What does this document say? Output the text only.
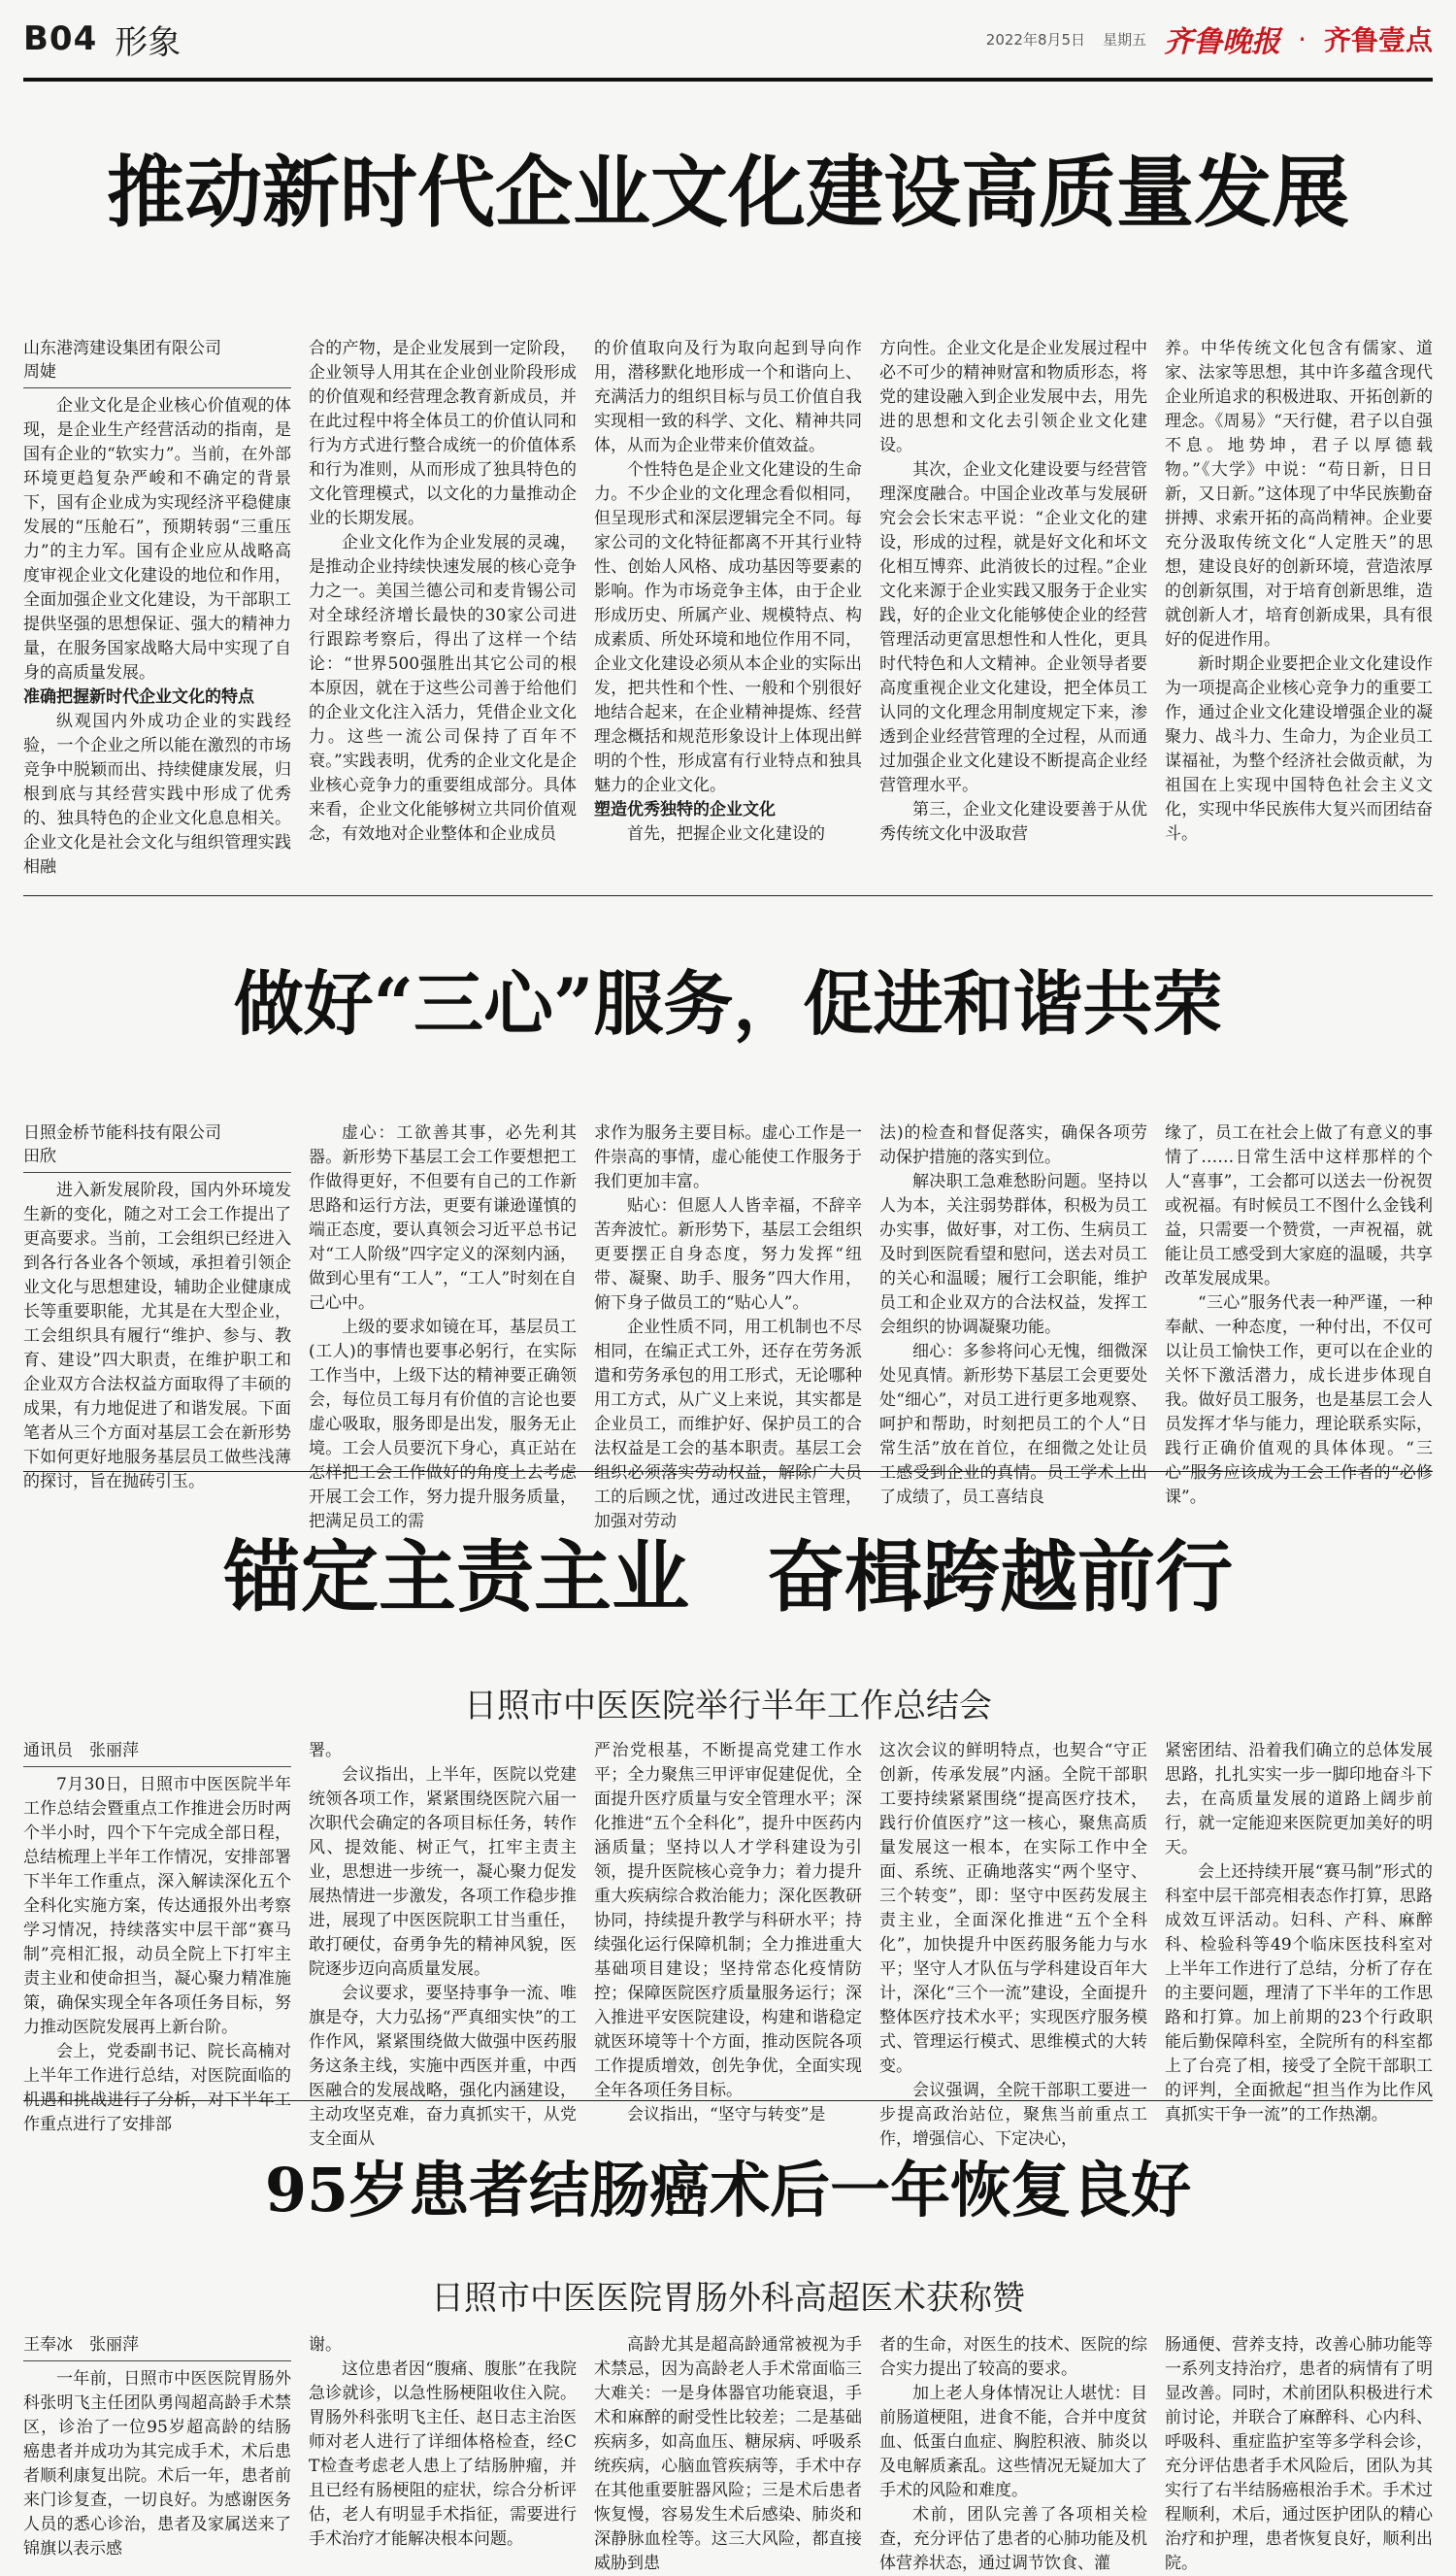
B04 形象	2022年8月5日 星期五 齐鲁晚报 · 齐鲁壹点
推动新时代企业文化建设高质量发展
山东港湾建设集团有限公司
周婕

企业文化是企业核心价值观的体现，是企业生产经营活动的指南，是国有企业的“软实力”。当前，在外部环境更趋复杂严峻和不确定的背景下，国有企业成为实现经济平稳健康发展的“压舱石”，预期转弱“三重压力”的主力军。国有企业应从战略高度审视企业文化建设的地位和作用，全面加强企业文化建设，为干部职工提供坚强的思想保证、强大的精神力量，在服务国家战略大局中实现了自身的高质量发展。

准确把握新时代企业文化的特点

纵观国内外成功企业的实践经验，一个企业之所以能在激烈的市场竞争中脱颖而出、持续健康发展，归根到底与其经营实践中形成了优秀的、独具特色的企业文化息息相关。企业文化是社会文化与组织管理实践相融

合的产物，是企业发展到一定阶段，企业领导人用其在企业创业阶段形成的价值观和经营理念教育新成员，并在此过程中将全体员工的价值认同和行为方式进行整合成统一的价值体系和行为准则，从而形成了独具特色的文化管理模式，以文化的力量推动企业的长期发展。

企业文化作为企业发展的灵魂，是推动企业持续快速发展的核心竞争力之一。美国兰德公司和麦肯锡公司对全球经济增长最快的30家公司进行跟踪考察后，得出了这样一个结论：“世界500强胜出其它公司的根本原因，就在于这些公司善于给他们的企业文化注入活力，凭借企业文化力。这些一流公司保持了百年不衰。”实践表明，优秀的企业文化是企业核心竞争力的重要组成部分。具体来看，企业文化能够树立共同价值观念，有效地对企业整体和企业成员

的价值取向及行为取向起到导向作用，潜移默化地形成一个和谐向上、充满活力的组织目标与员工价值自我实现相一致的科学、文化、精神共同体，从而为企业带来价值效益。

个性特色是企业文化建设的生命力。不少企业的文化理念看似相同，但呈现形式和深层逻辑完全不同。每家公司的文化特征都离不开其行业特性、创始人风格、成功基因等要素的影响。作为市场竞争主体，由于企业形成历史、所属产业、规模特点、构成素质、所处环境和地位作用不同，企业文化建设必须从本企业的实际出发，把共性和个性、一般和个别很好地结合起来，在企业精神提炼、经营理念概括和规范形象设计上体现出鲜明的个性，形成富有行业特点和独具魅力的企业文化。

塑造优秀独特的企业文化

首先，把握企业文化建设的

方向性。企业文化是企业发展过程中必不可少的精神财富和物质形态，将党的建设融入到企业发展中去，用先进的思想和文化去引领企业文化建设。

其次，企业文化建设要与经营管理深度融合。中国企业改革与发展研究会会长宋志平说：“企业文化的建设，形成的过程，就是好文化和坏文化相互博弈、此消彼长的过程。”企业文化来源于企业实践又服务于企业实践，好的企业文化能够使企业的经营管理活动更富思想性和人性化，更具时代特色和人文精神。企业领导者要高度重视企业文化建设，把全体员工认同的文化理念用制度规定下来，渗透到企业经营管理的全过程，从而通过加强企业文化建设不断提高企业经营管理水平。

第三，企业文化建设要善于从优秀传统文化中汲取营

养。中华传统文化包含有儒家、道家、法家等思想，其中许多蕴含现代企业所追求的积极进取、开拓创新的理念。《周易》“天行健，君子以自强不息。地势坤，君子以厚德载物。”《大学》中说：“苟日新，日日新，又日新。”这体现了中华民族勤奋拼搏、求索开拓的高尚精神。企业要充分汲取传统文化“人定胜天”的思想，建设良好的创新环境，营造浓厚的创新氛围，对于培育创新思维，造就创新人才，培育创新成果，具有很好的促进作用。

新时期企业要把企业文化建设作为一项提高企业核心竞争力的重要工作，通过企业文化建设增强企业的凝聚力、战斗力、生命力，为企业员工谋福祉，为整个经济社会做贡献，为祖国在上实现中国特色社会主义文化，实现中华民族伟大复兴而团结奋斗。

做好“三心”服务，促进和谐共荣
日照金桥节能科技有限公司
田欣

进入新发展阶段，国内外环境发生新的变化，随之对工会工作提出了更高要求。当前，工会组织已经进入到各行各业各个领域，承担着引领企业文化与思想建设，辅助企业健康成长等重要职能，尤其是在大型企业，工会组织具有履行“维护、参与、教育、建设”四大职责，在维护职工和企业双方合法权益方面取得了丰硕的成果，有力地促进了和谐发展。下面笔者从三个方面对基层工会在新形势下如何更好地服务基层员工做些浅薄的探讨，旨在抛砖引玉。

虚心：工欲善其事，必先利其器。新形势下基层工会工作要想把工作做得更好，不但要有自己的工作新思路和运行方法，更要有谦逊谨慎的端正态度，要认真领会习近平总书记对“工人阶级”四字定义的深刻内涵，做到心里有“工人”，“工人”时刻在自己心中。

上级的要求如镜在耳，基层员工(工人)的事情也要事必躬行，在实际工作当中，上级下达的精神要正确领会，每位员工每月有价值的言论也要虚心吸取，服务即是出发，服务无止境。工会人员要沉下身心，真正站在怎样把工会工作做好的角度上去考虑开展工会工作，努力提升服务质量，把满足员工的需

求作为服务主要目标。虚心工作是一件崇高的事情，虚心能使工作服务于我们更加丰富。

贴心：但愿人人皆幸福，不辞辛苦奔波忙。新形势下，基层工会组织更要摆正自身态度，努力发挥“纽带、凝聚、助手、服务”四大作用，俯下身子做员工的“贴心人”。

企业性质不同，用工机制也不尽相同，在编正式工外，还存在劳务派遣和劳务承包的用工形式，无论哪种用工方式，从广义上来说，其实都是企业员工，而维护好、保护员工的合法权益是工会的基本职责。基层工会组织必须落实劳动权益，解除广大员工的后顾之忧，通过改进民主管理，加强对劳动

法)的检查和督促落实，确保各项劳动保护措施的落实到位。

解决职工急难愁盼问题。坚持以人为本，关注弱势群体，积极为员工办实事，做好事，对工伤、生病员工及时到医院看望和慰问，送去对员工的关心和温暖；履行工会职能，维护员工和企业双方的合法权益，发挥工会组织的协调凝聚功能。

细心：多参将问心无愧，细微深处见真情。新形势下基层工会更要处处“细心”，对员工进行更多地观察、呵护和帮助，时刻把员工的个人“日常生活”放在首位，在细微之处让员工感受到企业的真情。员工学术上出了成绩了，员工喜结良

缘了，员工在社会上做了有意义的事情了……日常生活中这样那样的个人“喜事”，工会都可以送去一份祝贺或祝福。有时候员工不图什么金钱利益，只需要一个赞赏，一声祝福，就能让员工感受到大家庭的温暖，共享改革发展成果。

“三心”服务代表一种严谨，一种奉献、一种态度，一种付出，不仅可以让员工愉快工作，更可以在企业的关怀下激活潜力，成长进步体现自我。做好员工服务，也是基层工会人员发挥才华与能力，理论联系实际，践行正确价值观的具体体现。“三心”服务应该成为工会工作者的“必修课”。

锚定主责主业　奋楫跨越前行
日照市中医医院举行半年工作总结会
通讯员　张丽萍

7月30日，日照市中医医院半年工作总结会暨重点工作推进会历时两个半小时，四个下午完成全部日程，总结梳理上半年工作情况，安排部署下半年工作重点，深入解读深化五个全科化实施方案，传达通报外出考察学习情况，持续落实中层干部“赛马制”亮相汇报，动员全院上下打牢主责主业和使命担当，凝心聚力精准施策，确保实现全年各项任务目标，努力推动医院发展再上新台阶。

会上，党委副书记、院长高楠对上半年工作进行总结，对医院面临的机遇和挑战进行了分析，对下半年工作重点进行了安排部

署。

会议指出，上半年，医院以党建统领各项工作，紧紧围绕医院六届一次职代会确定的各项目标任务，转作风、提效能、树正气，扛牢主责主业，思想进一步统一，凝心聚力促发展热情进一步激发，各项工作稳步推进，展现了中医医院职工甘当重任，敢打硬仗，奋勇争先的精神风貌，医院逐步迈向高质量发展。

会议要求，要坚持事争一流、唯旗是夺，大力弘扬“严真细实快”的工作作风，紧紧围绕做大做强中医药服务这条主线，实施中西医并重，中西医融合的发展战略，强化内涵建设，主动攻坚克难，奋力真抓实干，从党支全面从

严治党根基，不断提高党建工作水平；全力聚焦三甲评审促建促优，全面提升医疗质量与安全管理水平；深化推进“五个全科化”，提升中医药内涵质量；坚持以人才学科建设为引领，提升医院核心竞争力；着力提升重大疾病综合救治能力；深化医教研协同，持续提升教学与科研水平；持续强化运行保障机制；全力推进重大基础项目建设；坚持常态化疫情防控；保障医院医疗质量服务运行；深入推进平安医院建设，构建和谐稳定就医环境等十个方面，推动医院各项工作提质增效，创先争优，全面实现全年各项任务目标。

会议指出，“坚守与转变”是

这次会议的鲜明特点，也契合“守正创新，传承发展”内涵。全院干部职工要持续紧紧围绕“提高医疗技术，践行价值医疗”这一核心，聚焦高质量发展这一根本，在实际工作中全面、系统、正确地落实“两个坚守、三个转变”，即：坚守中医药发展主责主业，全面深化推进“五个全科化”，加快提升中医药服务能力与水平；坚守人才队伍与学科建设百年大计，深化“三个一流”建设，全面提升整体医疗技术水平；实现医疗服务模式、管理运行模式、思维模式的大转变。

会议强调，全院干部职工要进一步提高政治站位，聚焦当前重点工作，增强信心、下定决心，

紧密团结、沿着我们确立的总体发展思路，扎扎实实一步一脚印地奋斗下去，在高质量发展的道路上阔步前行，就一定能迎来医院更加美好的明天。

会上还持续开展“赛马制”形式的科室中层干部亮相表态作打算，思路成效互评活动。妇科、产科、麻醉科、检验科等49个临床医技科室对上半年工作进行了总结，分析了存在的主要问题，理清了下半年的工作思路和打算。加上前期的23个行政职能后勤保障科室，全院所有的科室都上了台亮了相，接受了全院干部职工的评判，全面掀起“担当作为比作风　真抓实干争一流”的工作热潮。

95岁患者结肠癌术后一年恢复良好
日照市中医医院胃肠外科高超医术获称赞
王奉冰　张丽萍

一年前，日照市中医医院胃肠外科张明飞主任团队勇闯超高龄手术禁区，诊治了一位95岁超高龄的结肠癌患者并成功为其完成手术，术后患者顺利康复出院。术后一年，患者前来门诊复查，一切良好。为感谢医务人员的悉心诊治，患者及家属送来了锦旗以表示感

谢。

这位患者因“腹痛、腹胀”在我院急诊就诊，以急性肠梗阻收住入院。胃肠外科张明飞主任、赵日志主治医师对老人进行了详细体格检查，经CT检查考虑老人患上了结肠肿瘤，并且已经有肠梗阻的症状，综合分析评估，老人有明显手术指征，需要进行手术治疗才能解决根本问题。

高龄尤其是超高龄通常被视为手术禁忌，因为高龄老人手术常面临三大难关：一是身体器官功能衰退，手术和麻醉的耐受性比较差；二是基础疾病多，如高血压、糖尿病、呼吸系统疾病，心脑血管疾病等，手术中存在其他重要脏器风险；三是术后患者恢复慢，容易发生术后感染、肺炎和深静脉血栓等。这三大风险，都直接威胁到患

者的生命，对医生的技术、医院的综合实力提出了较高的要求。

加上老人身体情况让人堪忧：目前肠道梗阻，进食不能，合并中度贫血、低蛋白血症、胸腔积液、肺炎以及电解质紊乱。这些情况无疑加大了手术的风险和难度。

术前，团队完善了各项相关检查，充分评估了患者的心肺功能及机体营养状态，通过调节饮食、灌

肠通便、营养支持，改善心肺功能等一系列支持治疗，患者的病情有了明显改善。同时，术前团队积极进行术前讨论，并联合了麻醉科、心内科、呼吸科、重症监护室等多学科会诊，充分评估患者手术风险后，团队为其实行了右半结肠癌根治手术。手术过程顺利，术后，通过医护团队的精心治疗和护理，患者恢复良好，顺利出院。
